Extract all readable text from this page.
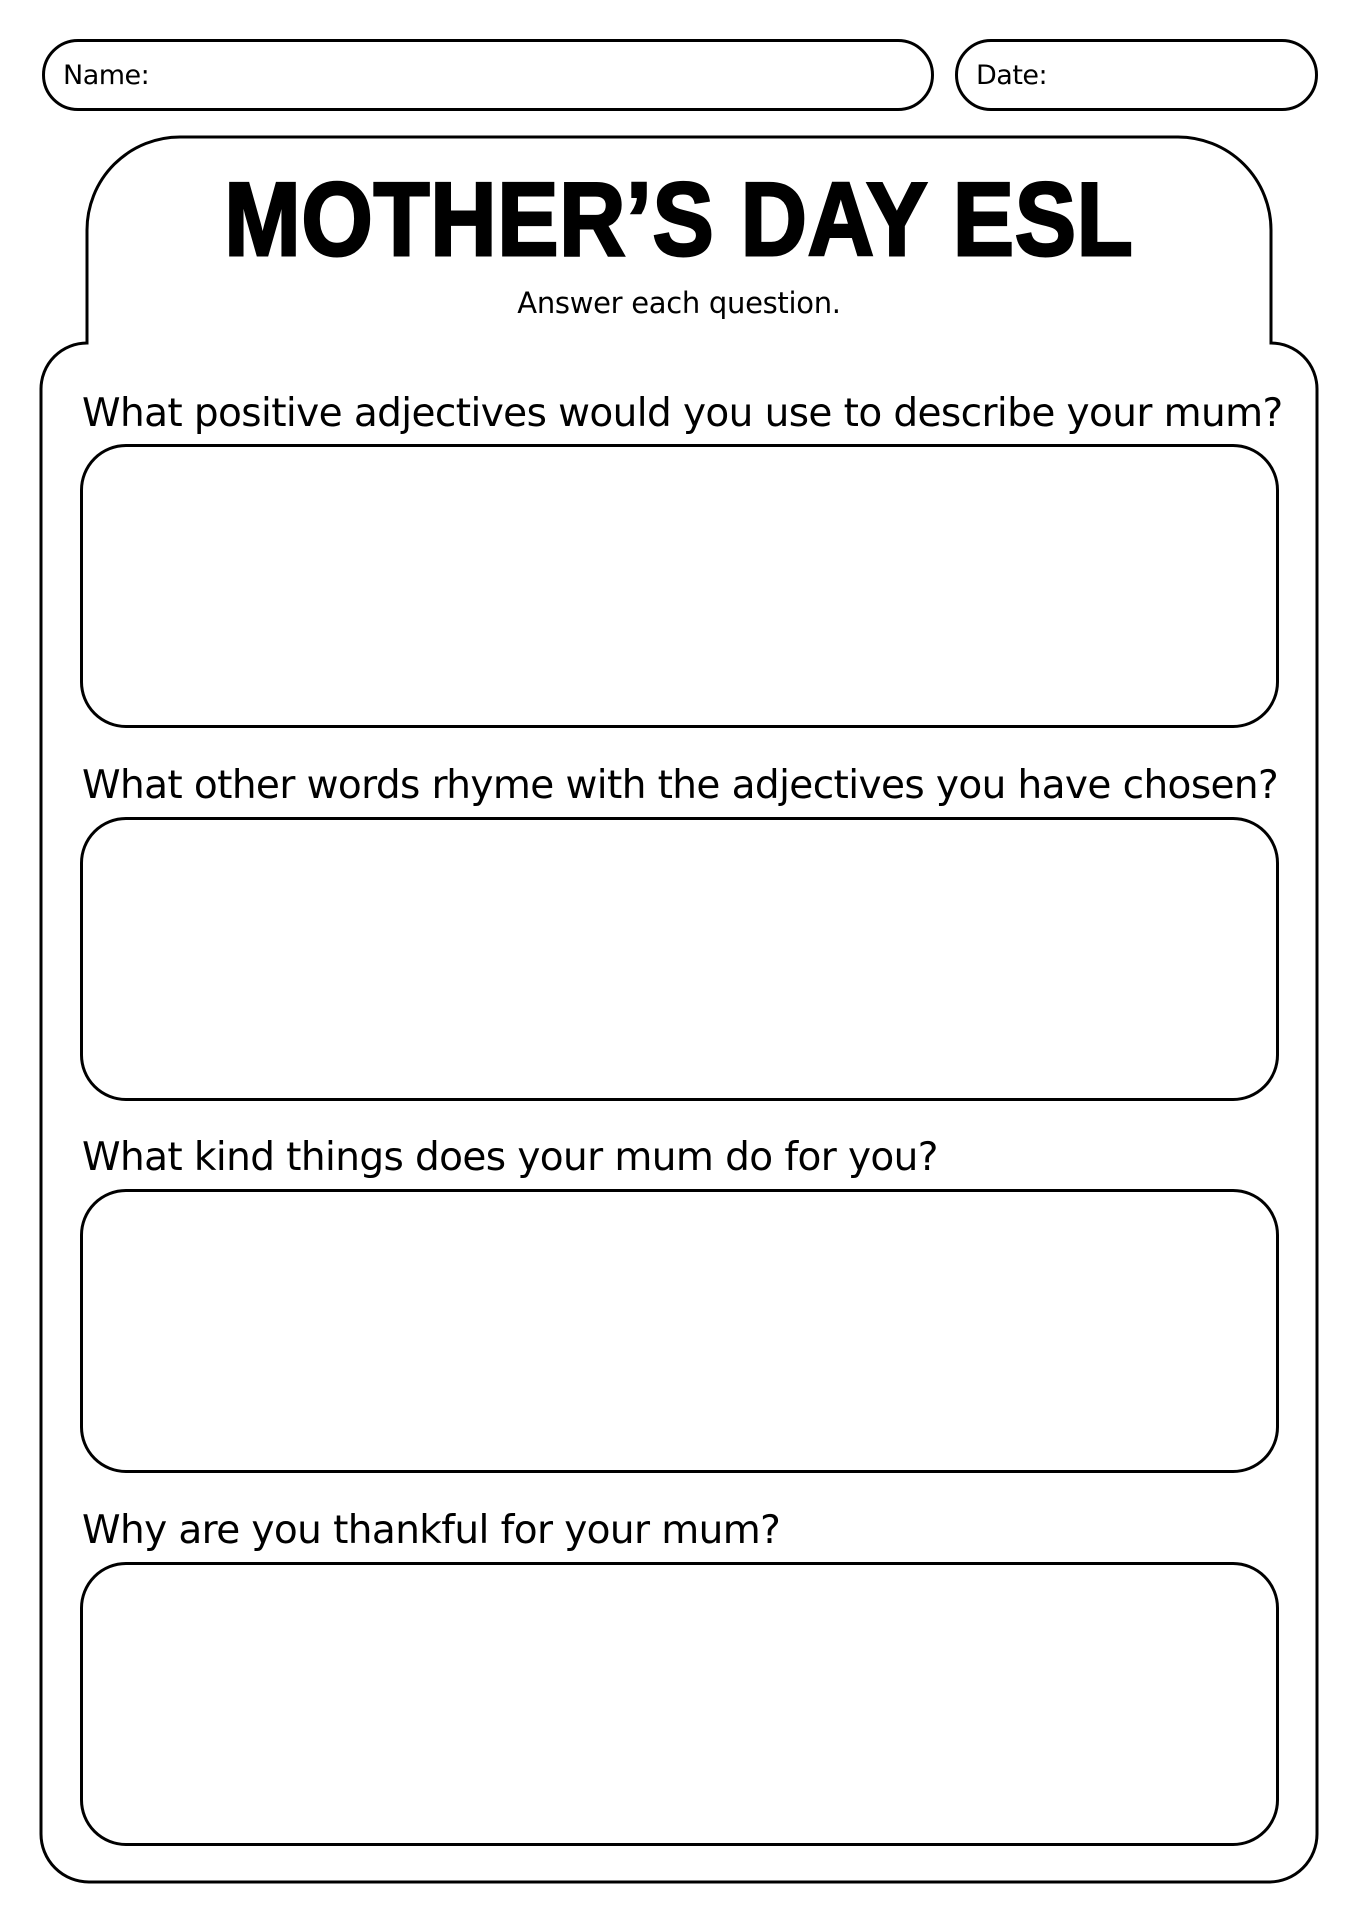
Name:	Date:
MOTHER’S DAY ESL
Answer each question.
What positive adjectives would you use to describe your mum?
What other words rhyme with the adjectives you have chosen?
What kind things does your mum do for you?
Why are you thankful for your mum?
